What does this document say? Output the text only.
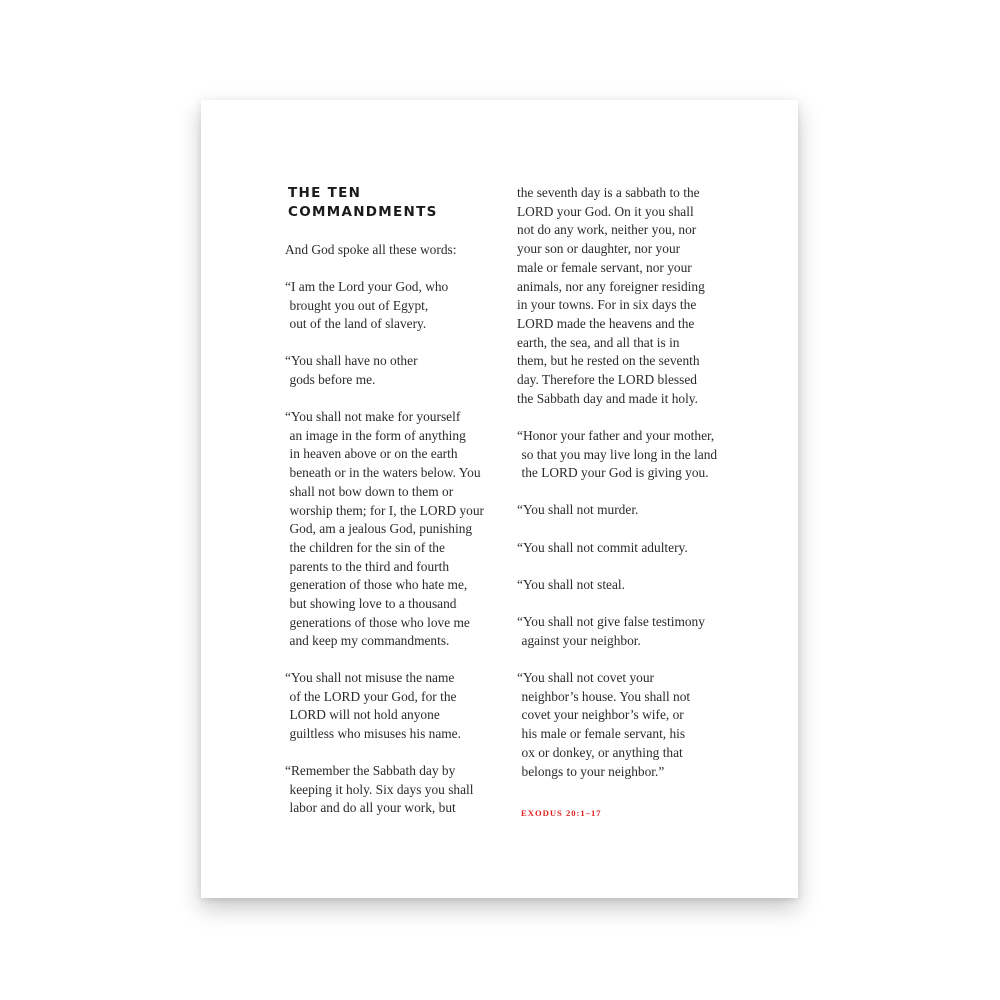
THE TEN
COMMANDMENTS
And God spoke all these words:
“I am the Lord your God, who
brought you out of Egypt,
out of the land of slavery.
“You shall have no other
gods before me.
“You shall not make for yourself
an image in the form of anything
in heaven above or on the earth
beneath or in the waters below. You
shall not bow down to them or
worship them; for I, the LORD your
God, am a jealous God, punishing
the children for the sin of the
parents to the third and fourth
generation of those who hate me,
but showing love to a thousand
generations of those who love me
and keep my commandments.
“You shall not misuse the name
of the LORD your God, for the
LORD will not hold anyone
guiltless who misuses his name.
“Remember the Sabbath day by
keeping it holy. Six days you shall
labor and do all your work, but	EXODUS 20:1–17
the seventh day is a sabbath to the
LORD your God. On it you shall
not do any work, neither you, nor
your son or daughter, nor your
male or female servant, nor your
animals, nor any foreigner residing
in your towns. For in six days the
LORD made the heavens and the
earth, the sea, and all that is in
them, but he rested on the seventh
day. Therefore the LORD blessed
the Sabbath day and made it holy.
“Honor your father and your mother,
so that you may live long in the land
the LORD your God is giving you.
“You shall not murder.
“You shall not commit adultery.
“You shall not steal.
“You shall not give false testimony
against your neighbor.
“You shall not covet your
neighbor’s house. You shall not
covet your neighbor’s wife, or
his male or female servant, his
ox or donkey, or anything that
belongs to your neighbor.”
